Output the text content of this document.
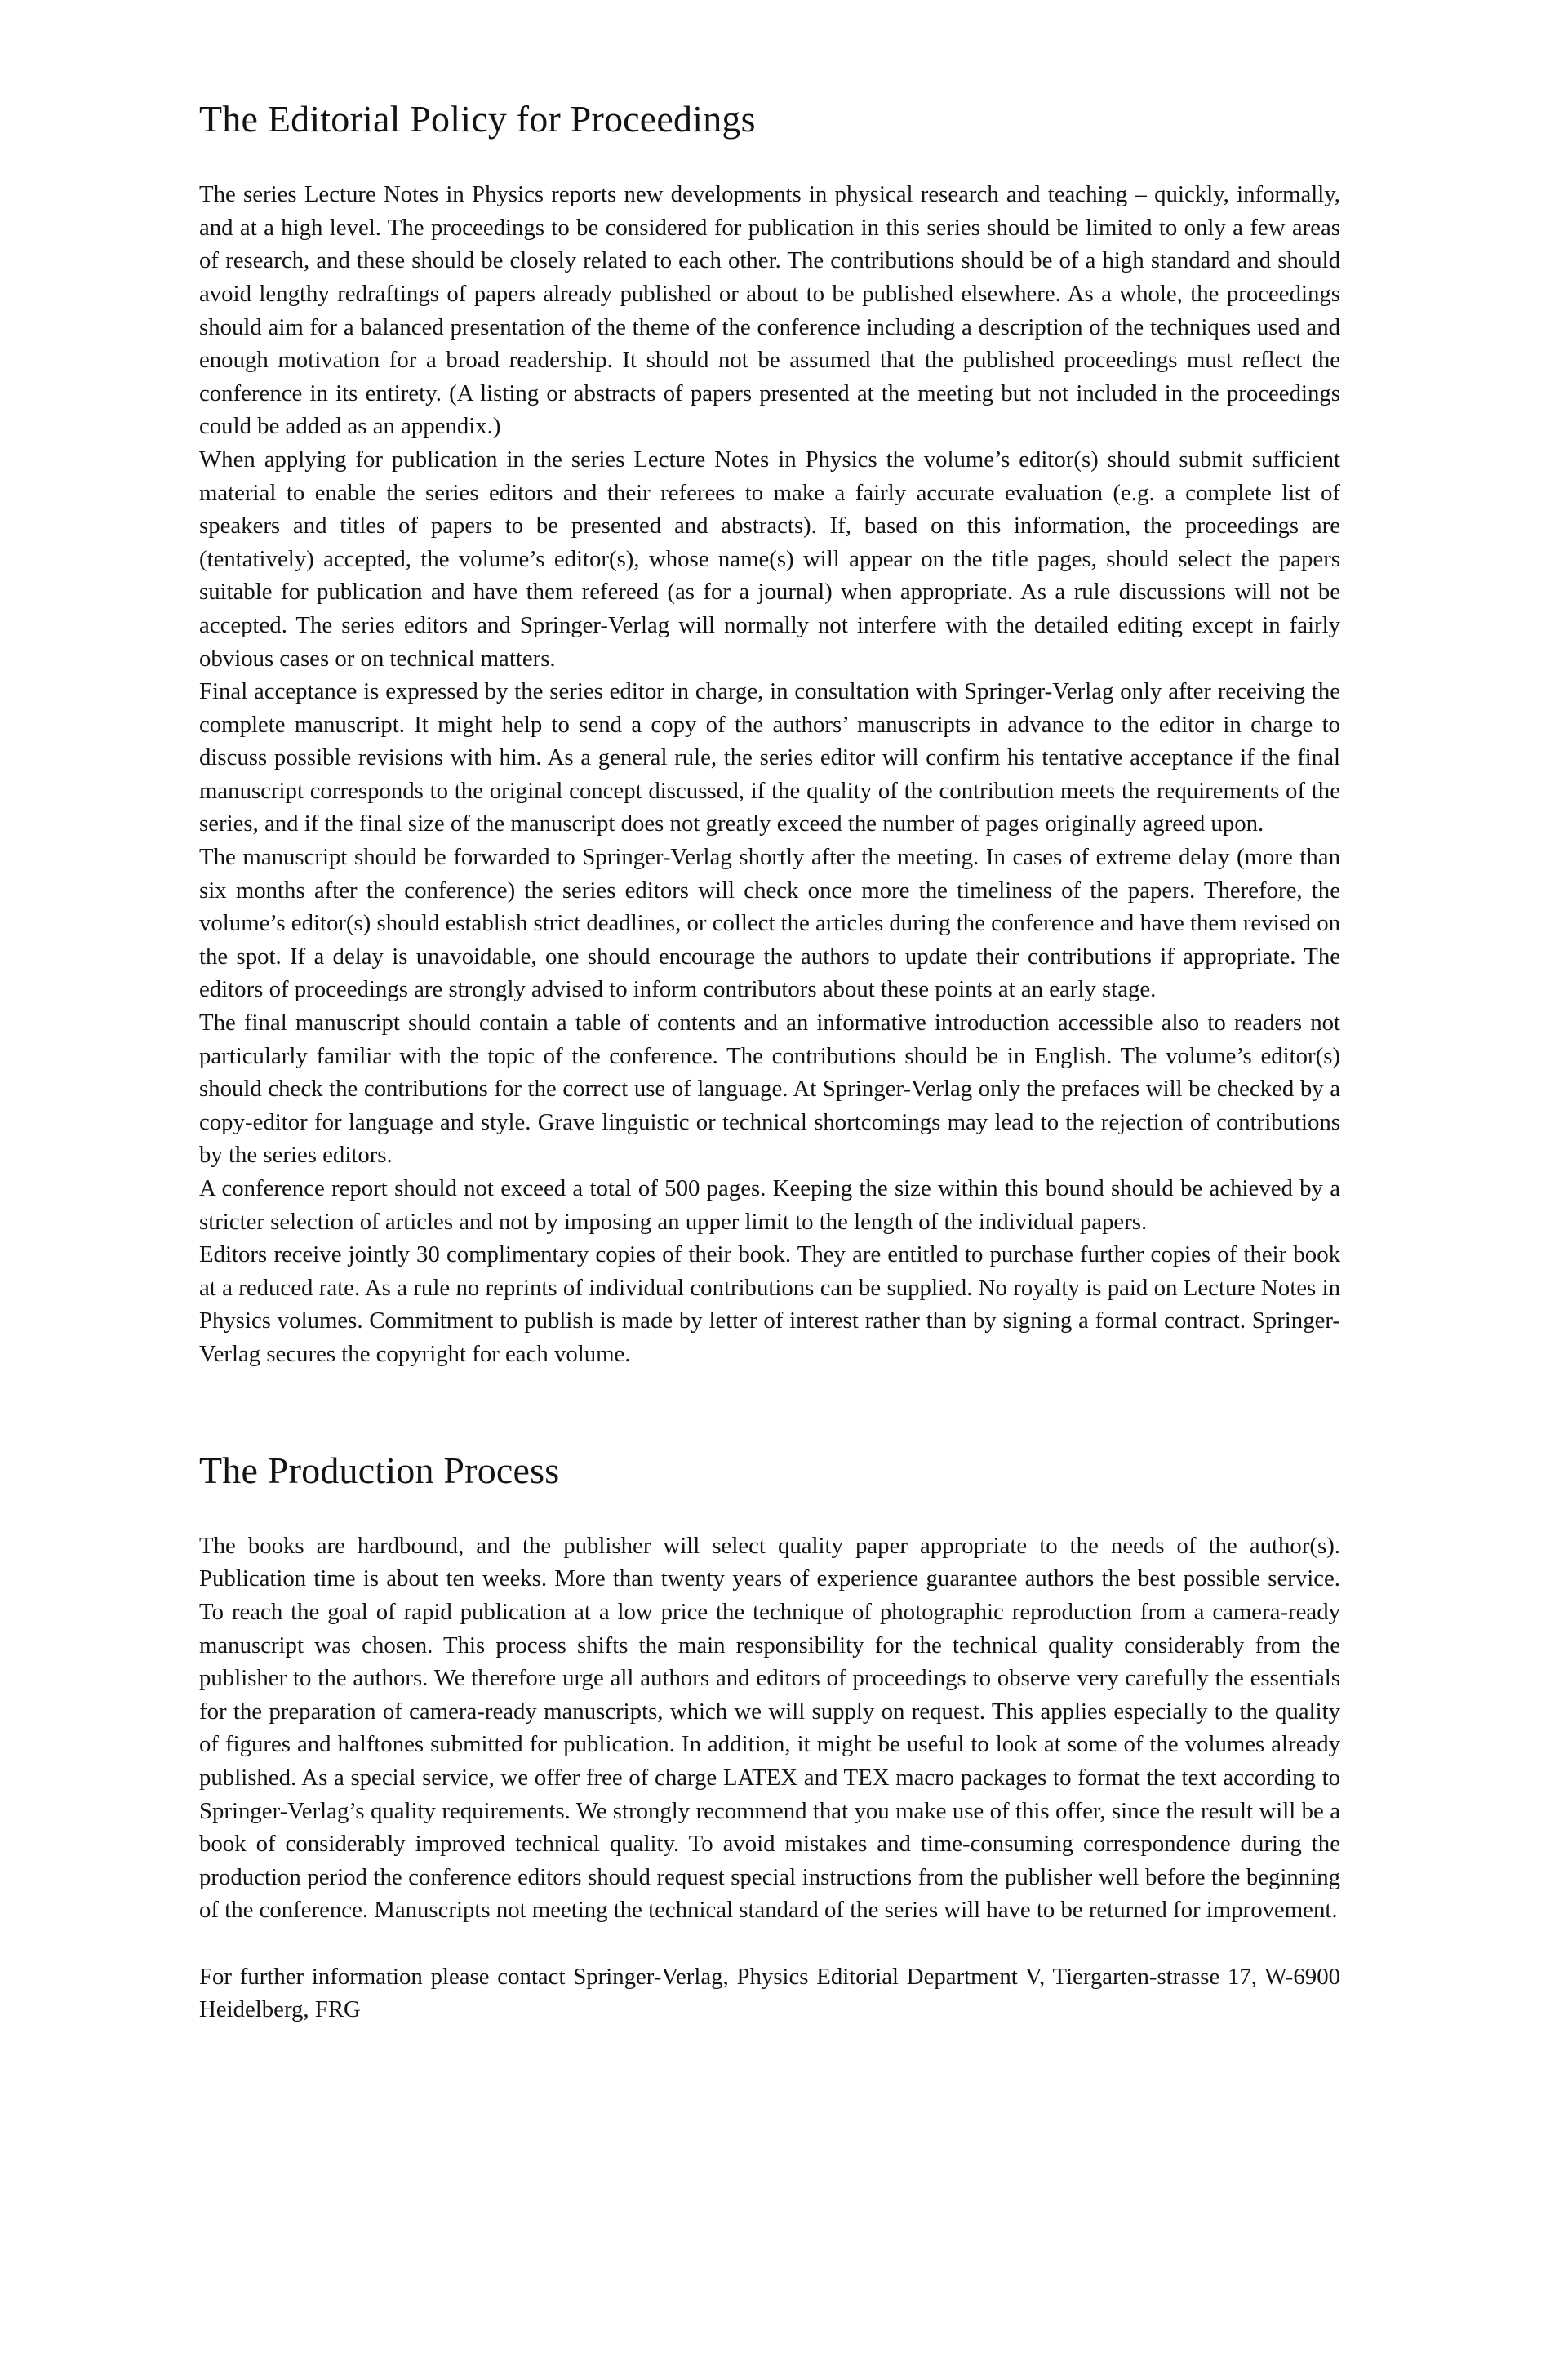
The Editorial Policy for Proceedings

The series Lecture Notes in Physics reports new developments in physical research and teaching – quickly, informally, and at a high level. The proceedings to be considered for publication in this series should be limited to only a few areas of research, and these should be closely related to each other. The contributions should be of a high standard and should avoid lengthy redraftings of papers already published or about to be published elsewhere. As a whole, the proceedings should aim for a balanced presentation of the theme of the conference including a description of the techniques used and enough motivation for a broad readership. It should not be assumed that the published proceedings must reflect the conference in its entirety. (A listing or abstracts of papers presented at the meeting but not included in the proceedings could be added as an appendix.)

When applying for publication in the series Lecture Notes in Physics the volume’s editor(s) should submit sufficient material to enable the series editors and their referees to make a fairly accurate evaluation (e.g. a complete list of speakers and titles of papers to be presented and abstracts). If, based on this information, the proceedings are (tentatively) accepted, the volume’s editor(s), whose name(s) will appear on the title pages, should select the papers suitable for publication and have them refereed (as for a journal) when appropriate. As a rule discussions will not be accepted. The series editors and Springer-Verlag will normally not interfere with the detailed editing except in fairly obvious cases or on technical matters.

Final acceptance is expressed by the series editor in charge, in consultation with Springer-Verlag only after receiving the complete manuscript. It might help to send a copy of the authors’ manuscripts in advance to the editor in charge to discuss possible revisions with him. As a general rule, the series editor will confirm his tentative acceptance if the final manuscript corresponds to the original concept discussed, if the quality of the contribution meets the requirements of the series, and if the final size of the manuscript does not greatly exceed the number of pages originally agreed upon.

The manuscript should be forwarded to Springer-Verlag shortly after the meeting. In cases of extreme delay (more than six months after the conference) the series editors will check once more the timeliness of the papers. Therefore, the volume’s editor(s) should establish strict deadlines, or collect the articles during the conference and have them revised on the spot. If a delay is unavoidable, one should encourage the authors to update their contributions if appropriate. The editors of proceedings are strongly advised to inform contributors about these points at an early stage.

The final manuscript should contain a table of contents and an informative introduction accessible also to readers not particularly familiar with the topic of the conference. The contributions should be in English. The volume’s editor(s) should check the contributions for the correct use of language. At Springer-Verlag only the prefaces will be checked by a copy-editor for language and style. Grave linguistic or technical shortcomings may lead to the rejection of contributions by the series editors.

A conference report should not exceed a total of 500 pages. Keeping the size within this bound should be achieved by a stricter selection of articles and not by imposing an upper limit to the length of the individual papers.

Editors receive jointly 30 complimentary copies of their book. They are entitled to purchase further copies of their book at a reduced rate. As a rule no reprints of individual contributions can be supplied. No royalty is paid on Lecture Notes in Physics volumes. Commitment to publish is made by letter of interest rather than by signing a formal contract. Springer-Verlag secures the copyright for each volume.

The Production Process

The books are hardbound, and the publisher will select quality paper appropriate to the needs of the author(s). Publication time is about ten weeks. More than twenty years of experience guarantee authors the best possible service. To reach the goal of rapid publication at a low price the technique of photographic reproduction from a camera-ready manuscript was chosen. This process shifts the main responsibility for the technical quality considerably from the publisher to the authors. We therefore urge all authors and editors of proceedings to observe very carefully the essentials for the preparation of camera-ready manuscripts, which we will supply on request. This applies especially to the quality of figures and halftones submitted for publication. In addition, it might be useful to look at some of the volumes already published. As a special service, we offer free of charge LATEX and TEX macro packages to format the text according to Springer-Verlag’s quality requirements. We strongly recommend that you make use of this offer, since the result will be a book of considerably improved technical quality. To avoid mistakes and time-consuming correspondence during the production period the conference editors should request special instructions from the publisher well before the beginning of the conference. Manuscripts not meeting the technical standard of the series will have to be returned for improvement.

For further information please contact Springer-Verlag, Physics Editorial Department V, Tiergarten-strasse 17, W-6900 Heidelberg, FRG
